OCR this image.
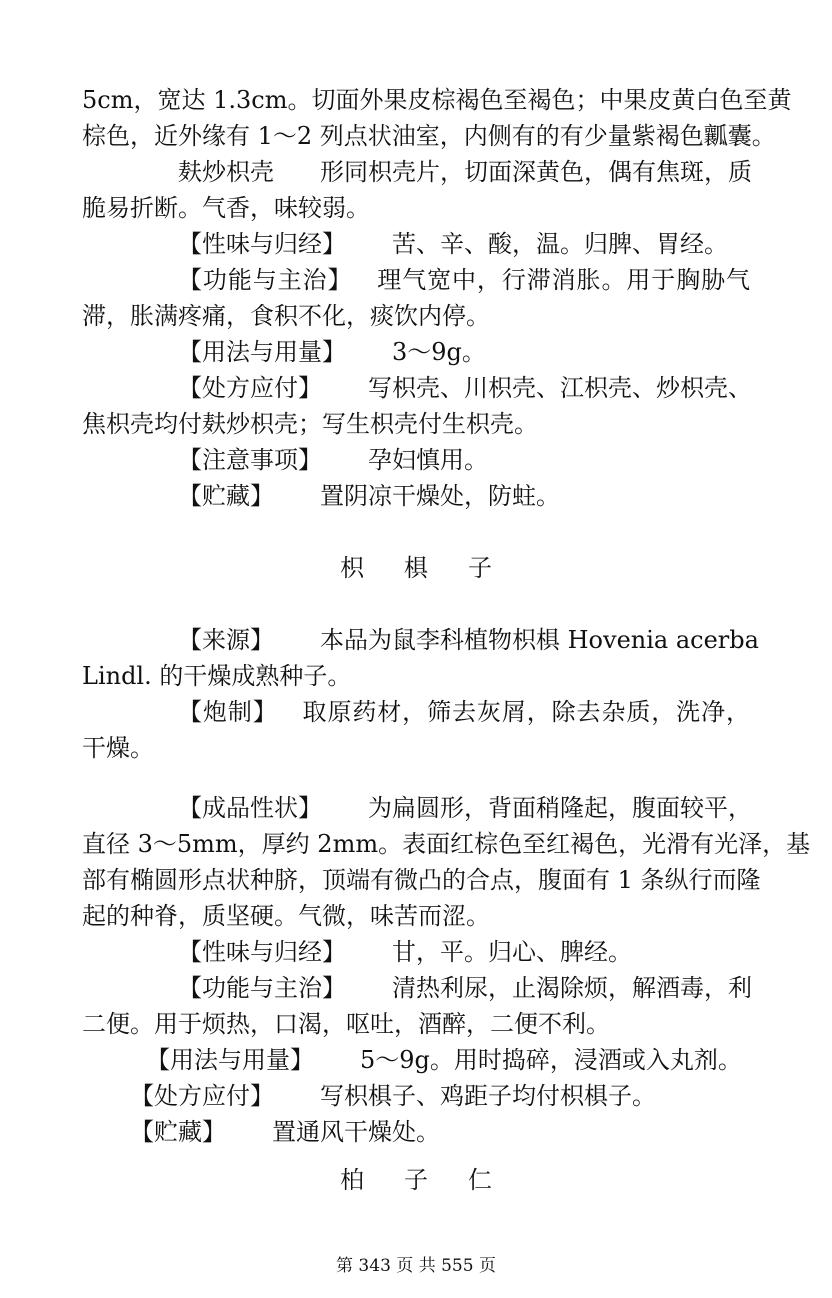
5cm，宽达 1.3cm。切面外果皮棕褐色至褐色；中果皮黄白色至黄

棕色，近外缘有 1～2 列点状油室，内侧有的有少量紫褐色瓤囊。

麸炒枳壳 形同枳壳片，切面深黄色，偶有焦斑，质

脆易折断。气香，味较弱。

【性味与归经】 苦、辛、酸，温。归脾、胃经。

【功能与主治】 理气宽中，行滞消胀。用于胸胁气

滞，胀满疼痛，食积不化，痰饮内停。

【用法与用量】 3～9g。

【处方应付】 写枳壳、川枳壳、江枳壳、炒枳壳、

焦枳壳均付麸炒枳壳；写生枳壳付生枳壳。

【注意事项】 孕妇慎用。

【贮藏】 置阴凉干燥处，防蛀。

枳椇子

【来源】 本品为鼠李科植物枳椇 Hovenia acerba

Lindl. 的干燥成熟种子。

【炮制】 取原药材，筛去灰屑，除去杂质，洗净，

干燥。

【成品性状】 为扁圆形，背面稍隆起，腹面较平，

直径 3～5mm，厚约 2mm。表面红棕色至红褐色，光滑有光泽，基

部有椭圆形点状种脐，顶端有微凸的合点，腹面有 1 条纵行而隆

起的种脊，质坚硬。气微，味苦而涩。

【性味与归经】 甘，平。归心、脾经。

【功能与主治】 清热利尿，止渴除烦，解酒毒，利

二便。用于烦热，口渴，呕吐，酒醉，二便不利。

【用法与用量】 5～9g。用时捣碎，浸酒或入丸剂。

【处方应付】 写枳椇子、鸡距子均付枳椇子。

【贮藏】 置通风干燥处。

柏子仁

第 343 页 共 555 页
